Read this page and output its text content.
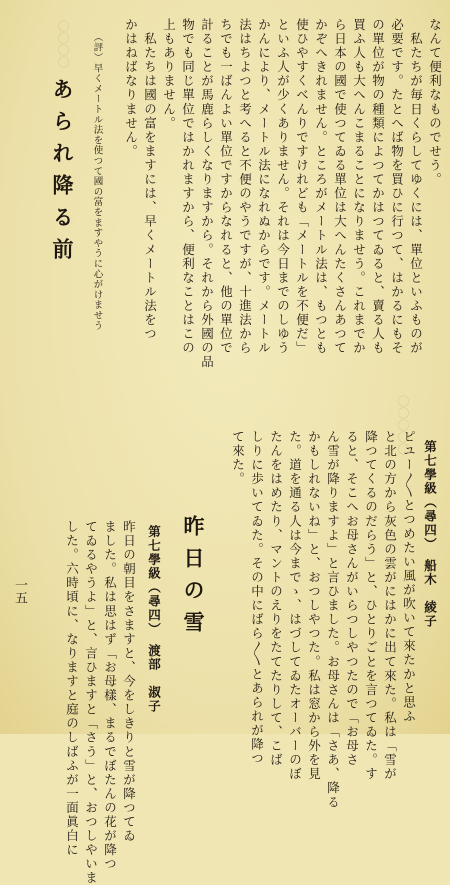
〇〇〇〇
〇〇〇〇〇
なんて便利なものでせう。
　私たちが毎日くらしてゆくには、單位といふものが
必要です。たとへば物を買ひに行つて、はかるにもそ
の單位が物の種類によつてかはつてゐると、賣る人も
買ふ人も大へんこまることになりませう。これまでか
ら日本の國で使つてゐる單位は大へんたくさんあつて
かぞへきれません。ところがメートル法は、もつとも
使ひやすくべんりですけれども「メートルを不便だ」
といふ人が少くありません。それは今日までのしゆう
かんにより、メートル法になれぬからです。メートル
法はちよつと考へると不便のやうですが、十進法から
ちでも一ばんよい單位ですからなれると、他の單位で
計ることが馬鹿らしくなりますから。それから外國の品
物でも同じ單位ではかれますから、便利なことはこの
上もありません。
　私たちは國の富をますには、早くメートル法をつ
かはねばなりません。
（評）早くメートル法を使つて國の富をますやうに心がけませう
あられ降る前
第七學級（尋四）　船木　綾子
ピユー〳〵とつめたい風が吹いて來たかと思ふ
と北の方から灰色の雲がにはかに出て來た。私は「雪が
降つてくるのだらう」と、ひとりごとを言つてゐた。す
ると、そこへお母さんがいらつしやつたので「お母さ
ん雪が降りますよ」と言ひました。お母さんは「さあ、降る
かもしれないね」と、おつしやつた。私は窓から外を見
た。道を通る人は今までゝ、はづしてゐたオーバーのぼ
たんをはめたり、マントのえりをたてたりして、こば
しりに歩いてゐた。その中にばら〳〵とあられが降つ
て來た。
昨日の雪
第七學級（尋四）　渡部　淑子
昨日の朝目をさますと、今をしきりと雪が降つてゐ
ました。私は思はず「お母樣、まるでぼたんの花が降つ
てゐるやうよ」と、言ひますと「さう」と、おつしやいま
した。六時頃に、なりますと庭のしばふが一面眞白に
一五
